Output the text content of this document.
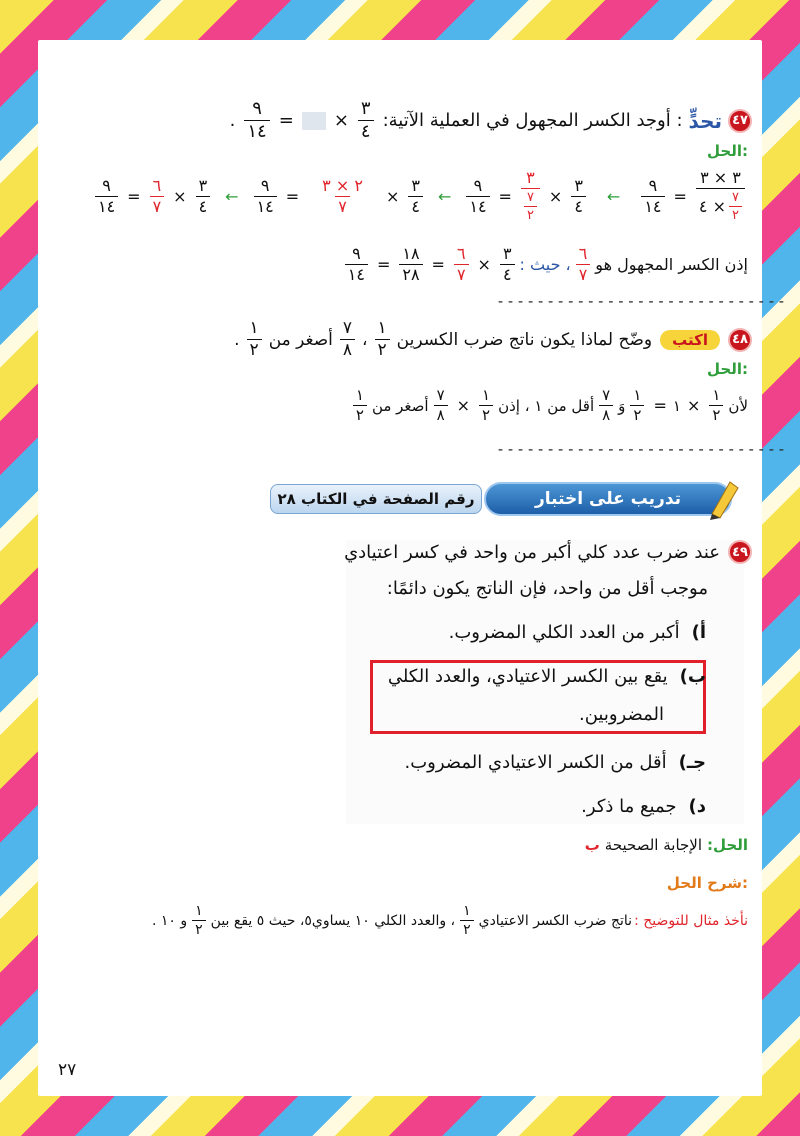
٤٧
تحدٍّ
: أوجد الكسر المجهول في العملية الآتية:
$\frac{٣}{٤}$
×
=
$\frac{٩}{١٤}$
.
الحل:
٣ × ٣
$\frac{٧}{٢}$
× ٤
=
$\frac{٩}{١٤}$
←
$\frac{٣}{٤}$
×
$\frac{٣}{\frac{٧}{٢}}$
=
$\frac{٩}{١٤}$
←
$\frac{٣}{٤}$
×
$\frac{٢ \times ٣}{٧}$
=
$\frac{٩}{١٤}$
←
$\frac{٣}{٤}$
×
$\frac{٦}{٧}$
=
$\frac{٩}{١٤}$
إذن الكسر المجهول هو
$\frac{٦}{٧}$
، حيث :
$\frac{٣}{٤}$
×
$\frac{٦}{٧}$
=
$\frac{١٨}{٢٨}$
=
$\frac{٩}{١٤}$
-----------------------------
٤٨
اكتب
وضّح لماذا يكون ناتج ضرب الكسرين
$\frac{١}{٢}$
،
$\frac{٧}{٨}$
أصغر من
$\frac{١}{٢}$
.
الحل:
لأن
$\frac{١}{٢}$
×
١
=
$\frac{١}{٢}$
وَ
$\frac{٧}{٨}$
أقل من ١ ، إذن
$\frac{١}{٢}$
×
$\frac{٧}{٨}$
أصغر من
$\frac{١}{٢}$
-----------------------------
رقم الصفحة في الكتاب ٢٨	تدريب على اختبار
٤٩
عند ضرب عدد كلي أكبر من واحد في كسر اعتيادي
موجب أقل من واحد، فإن الناتج يكون دائمًا:
أ)
أكبر من العدد الكلي المضروب.
ب)
يقع بين الكسر الاعتيادي، والعدد الكلي
المضروبين.
جـ)
أقل من الكسر الاعتيادي المضروب.
د)
جميع ما ذكر.
الحل:
الإجابة الصحيحة
ب
شرح الحل:
نأخذ مثال للتوضيح :
ناتج ضرب الكسر الاعتيادي
$\frac{١}{٢}$
، والعدد الكلي ١٠ يساوي٥، حيث ٥ يقع بين
$\frac{١}{٢}$
و ١٠ .
٢٧
